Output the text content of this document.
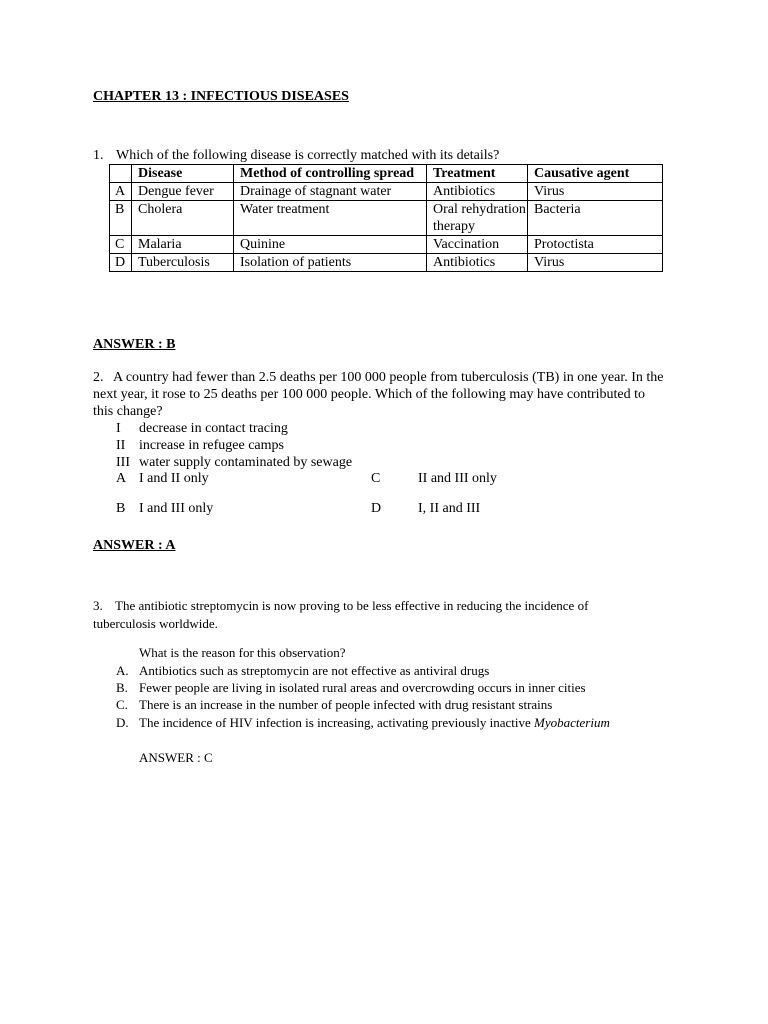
CHAPTER 13 : INFECTIOUS DISEASES
1. Which of the following disease is correctly matched with its details?
	Disease	Method of controlling spread	Treatment	Causative agent
A	Dengue fever	Drainage of stagnant water	Antibiotics	Virus
B	Cholera	Water treatment	Oral rehydration therapy	Bacteria
C	Malaria	Quinine	Vaccination	Protoctista
D	Tuberculosis	Isolation of patients	Antibiotics	Virus
ANSWER : B
2. A country had fewer than 2.5 deaths per 100 000 people from tuberculosis (TB) in one year. In the next year, it rose to 25 deaths per 100 000 people. Which of the following may have contributed to this change?
I decrease in contact tracing
II increase in refugee camps
III water supply contaminated by sewage
A I and II only	C	II and III only
B I and III only	D	I, II and III
ANSWER : A
3. The antibiotic streptomycin is now proving to be less effective in reducing the incidence of tuberculosis worldwide.
What is the reason for this observation?
A. Antibiotics such as streptomycin are not effective as antiviral drugs
B. Fewer people are living in isolated rural areas and overcrowding occurs in inner cities
C. There is an increase in the number of people infected with drug resistant strains
D. The incidence of HIV infection is increasing, activating previously inactive Myobacterium
ANSWER : C
